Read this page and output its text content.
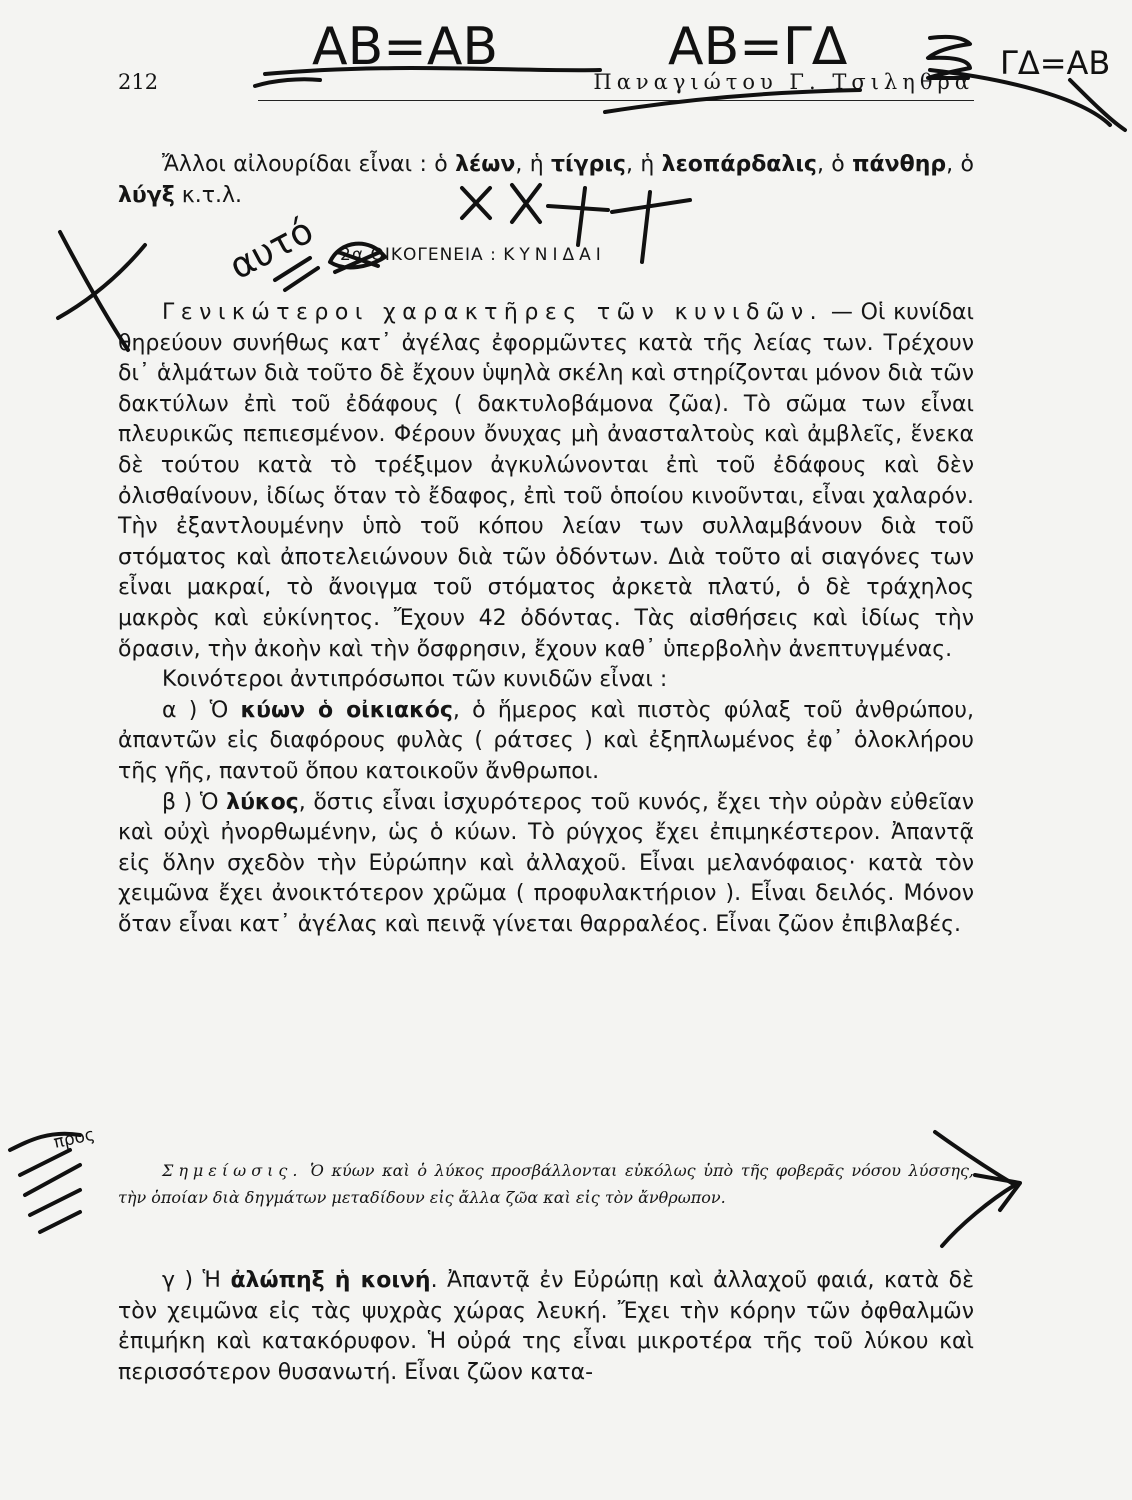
212	Παναγιώτου Γ. Τσιληθρα

Ἄλλοι αἰλουρίδαι εἶναι : ὁ λέων, ἡ τίγρις, ἡ λεοπάρδαλις, ὁ πάνθηρ, ὁ λύγξ κ.τ.λ.

2α ΟΙΚΟΓΕΝΕΙΑ : ΚΥΝΙΔΑΙ

Γενικώτεροι χαρακτῆρες τῶν κυνιδῶν. — Οἱ κυνίδαι θηρεύουν συνήθως κατ᾿ ἀγέλας ἐφορμῶντες κατὰ τῆς λείας των. Τρέχουν δι᾿ ἁλμάτων διὰ τοῦτο δὲ ἔχουν ὑψηλὰ σκέλη καὶ στηρίζονται μόνον διὰ τῶν δακτύλων ἐπὶ τοῦ ἐδάφους ( δακτυλοβάμονα ζῶα). Τὸ σῶμα των εἶναι πλευρικῶς πεπιεσμένον. Φέρουν ὄνυχας μὴ ἀνασταλτοὺς καὶ ἀμβλεῖς, ἕνεκα δὲ τούτου κατὰ τὸ τρέξιμον ἀγκυλώνονται ἐπὶ τοῦ ἐδάφους καὶ δὲν ὀλισθαίνουν, ἰδίως ὅταν τὸ ἔδαφος, ἐπὶ τοῦ ὁποίου κινοῦνται, εἶναι χαλαρόν. Τὴν ἐξαντλουμένην ὑπὸ τοῦ κόπου λείαν των συλλαμβάνουν διὰ τοῦ στόματος καὶ ἀποτελειώνουν διὰ τῶν ὀδόντων. Διὰ τοῦτο αἱ σιαγόνες των εἶναι μακραί, τὸ ἄνοιγμα τοῦ στόματος ἀρκετὰ πλατύ, ὁ δὲ τράχηλος μακρὸς καὶ εὐκίνητος. Ἔχουν 42 ὀδόντας. Τὰς αἰσθήσεις καὶ ἰδίως τὴν ὅρασιν, τὴν ἀκοὴν καὶ τὴν ὄσφρησιν, ἔχουν καθ᾿ ὑπερβολὴν ἀνεπτυγμένας.

Κοινότεροι ἀντιπρόσωποι τῶν κυνιδῶν εἶναι :

α ) Ὁ κύων ὁ οἰκιακός, ὁ ἥμερος καὶ πιστὸς φύλαξ τοῦ ἀνθρώπου, ἀπαντῶν εἰς διαφόρους φυλὰς ( ράτσες ) καὶ ἐξηπλωμένος ἐφ᾿ ὁλοκλήρου τῆς γῆς, παντοῦ ὅπου κατοικοῦν ἄνθρωποι.

β ) Ὁ λύκος, ὅστις εἶναι ἰσχυρότερος τοῦ κυνός, ἔχει τὴν οὐρὰν εὐθεῖαν καὶ οὐχὶ ἠνορθωμένην, ὡς ὁ κύων. Τὸ ρύγχος ἔχει ἐπιμηκέστερον. Ἀπαντᾷ εἰς ὅλην σχεδὸν τὴν Εὐρώπην καὶ ἀλλαχοῦ. Εἶναι μελανόφαιος· κατὰ τὸν χειμῶνα ἔχει ἀνοικτότερον χρῶμα ( προφυλακτήριον ). Εἶναι δειλός. Μόνον ὅταν εἶναι κατ᾿ ἀγέλας καὶ πεινᾷ γίνεται θαρραλέος. Εἶναι ζῶον ἐπιβλαβές.

Σημείωσις. Ὁ κύων καὶ ὁ λύκος προσβάλλονται εὐκόλως ὑπὸ τῆς φοβερᾶς νόσου λύσσης, τὴν ὁποίαν διὰ δηγμάτων μεταδίδουν εἰς ἄλλα ζῶα καὶ εἰς τὸν ἄνθρωπον.

γ ) Ἡ ἀλώπηξ ἡ κοινή. Ἀπαντᾷ ἐν Εὐρώπῃ καὶ ἀλλαχοῦ φαιά, κατὰ δὲ τὸν χειμῶνα εἰς τὰς ψυχρὰς χώρας λευκή. Ἔχει τὴν κόρην τῶν ὀφθαλμῶν ἐπιμήκη καὶ κατακόρυφον. Ἡ οὐρά της εἶναι μικροτέρα τῆς τοῦ λύκου καὶ περισσότερον θυσανωτή. Εἶναι ζῶον κατα-

ΑΒ=ΑΒ	ΑΒ=ΓΔ	ΓΔ=ΑΒ
αυτό
προς
